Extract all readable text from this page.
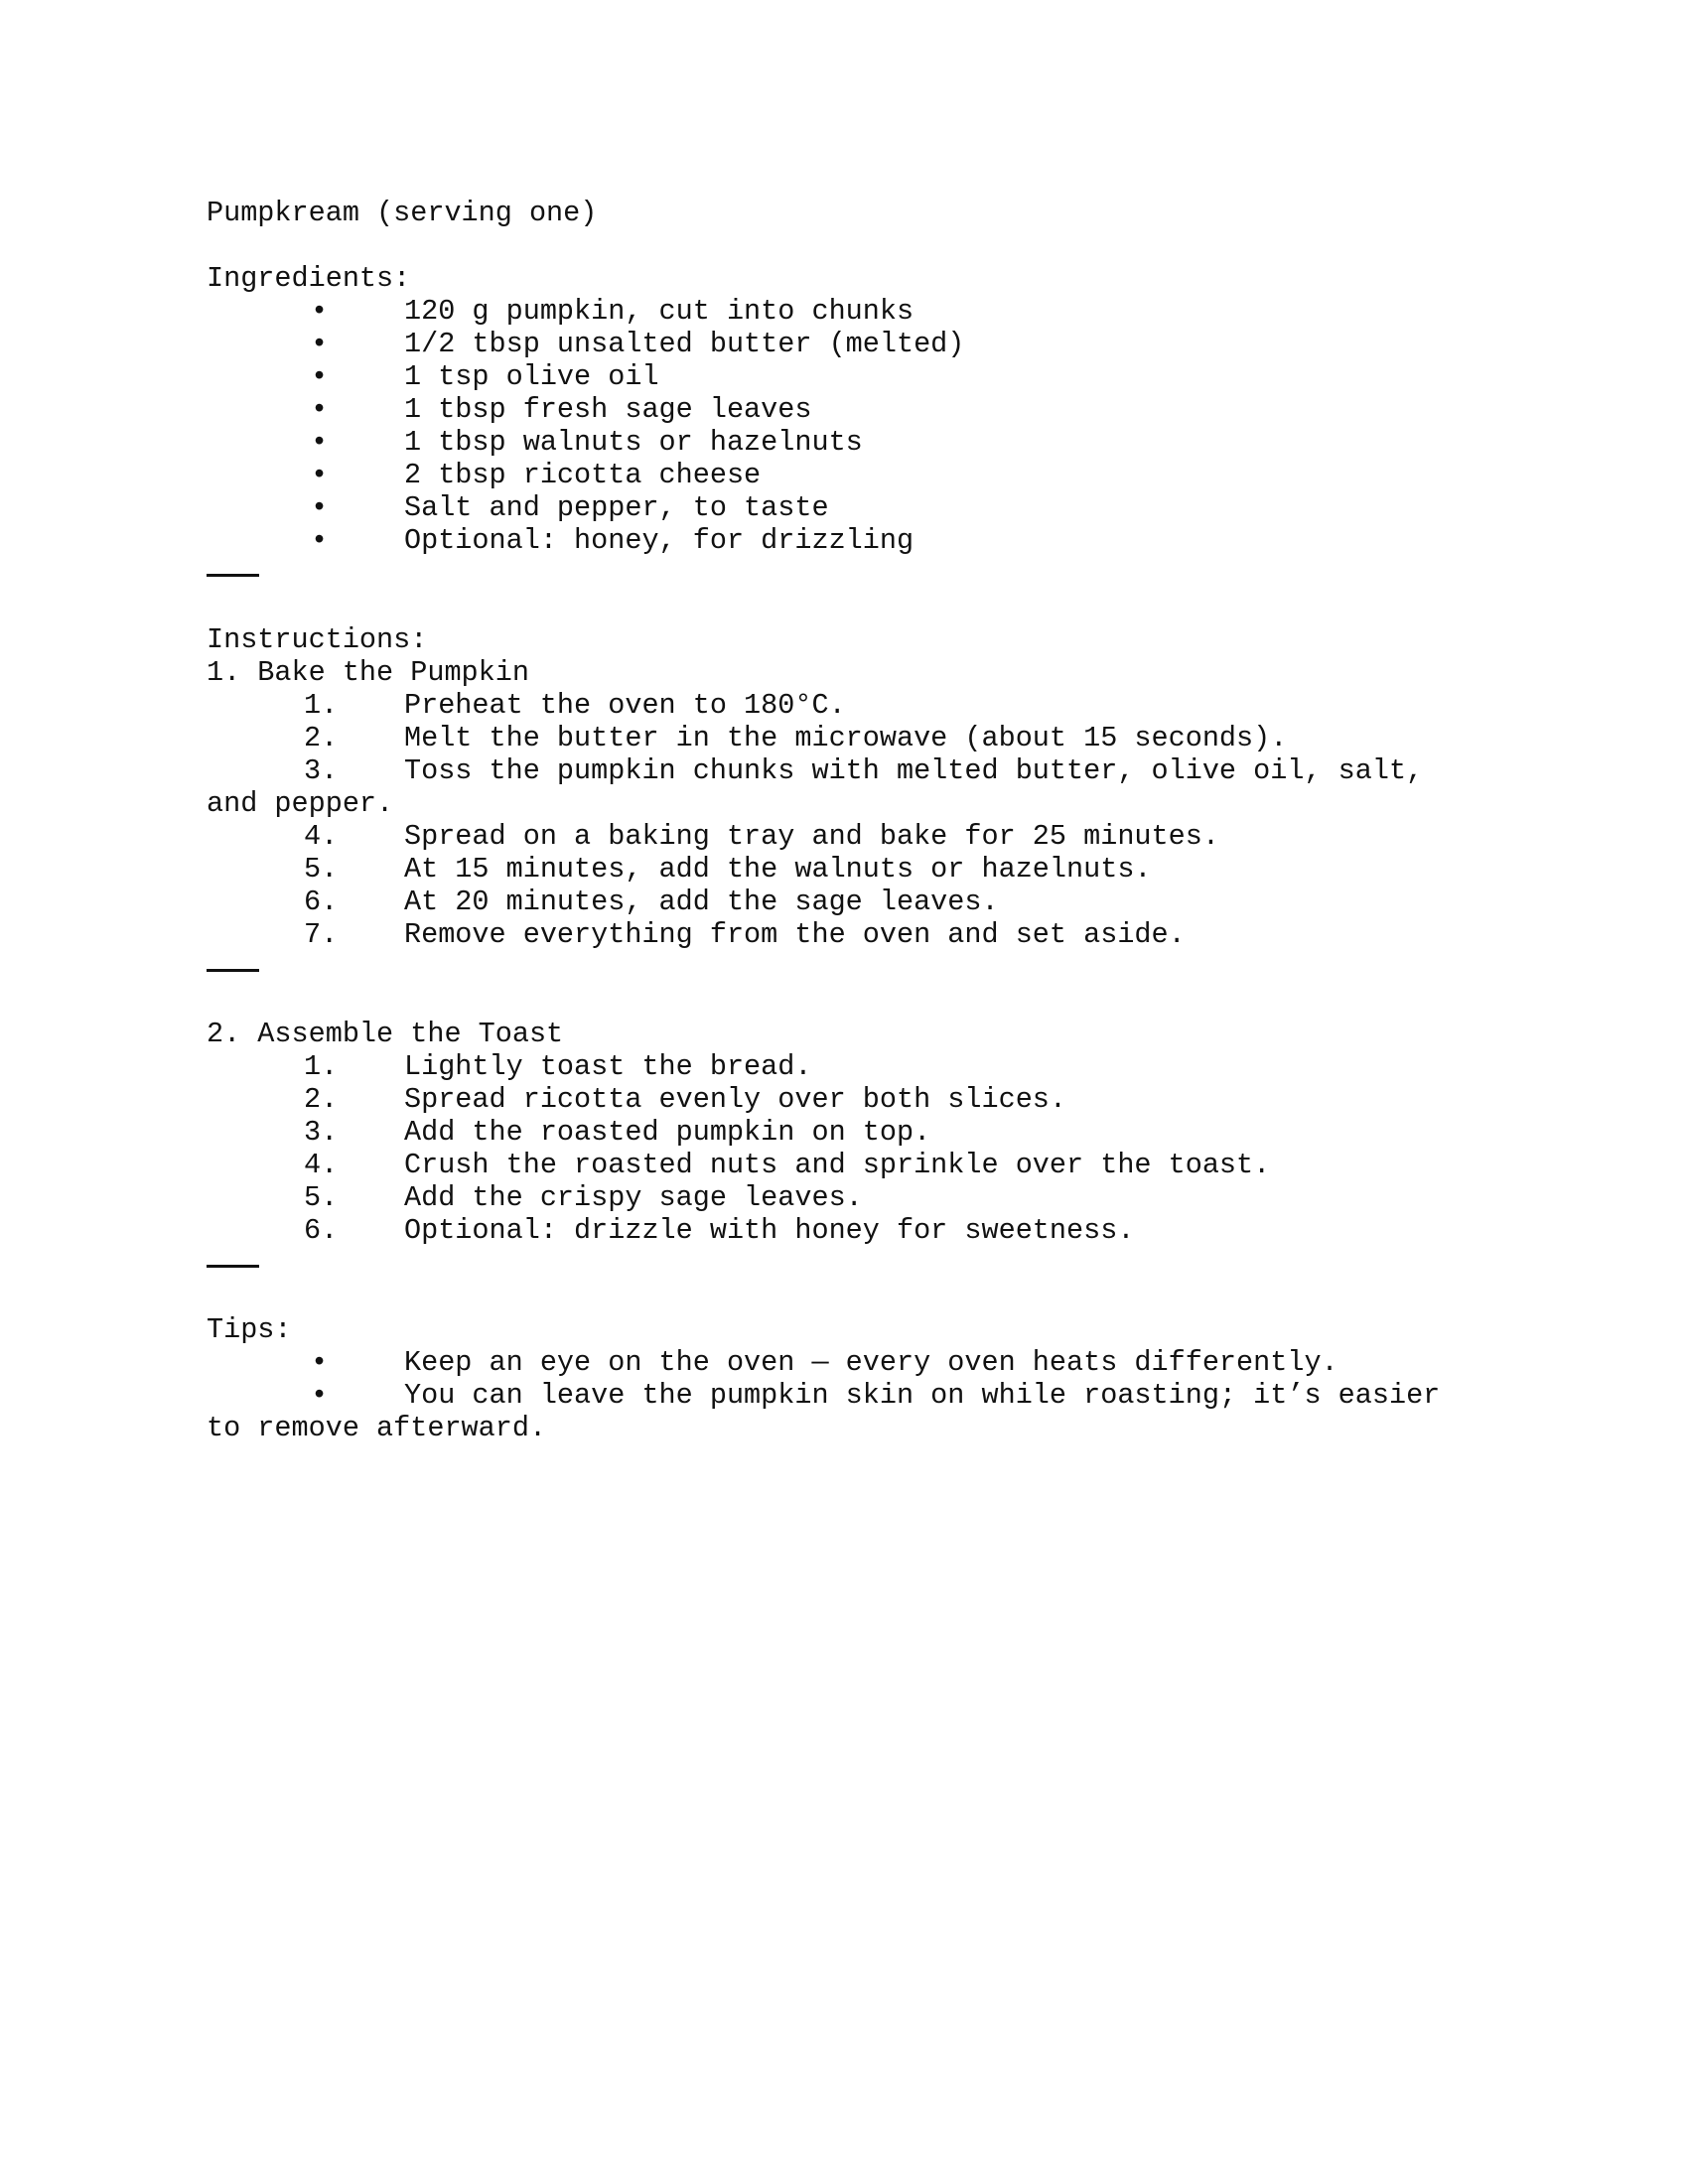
Pumpkream (serving one)
Ingredients:
•	120 g pumpkin, cut into chunks
•	1/2 tbsp unsalted butter (melted)
•	1 tsp olive oil
•	1 tbsp fresh sage leaves
•	1 tbsp walnuts or hazelnuts
•	2 tbsp ricotta cheese
•	Salt and pepper, to taste
•	Optional: honey, for drizzling
Instructions:
1. Bake the Pumpkin
1. Preheat the oven to 180°C.
2. Melt the butter in the microwave (about 15 seconds).
3. Toss the pumpkin chunks with melted butter, olive oil, salt,
and pepper.
4. Spread on a baking tray and bake for 25 minutes.
5. At 15 minutes, add the walnuts or hazelnuts.
6. At 20 minutes, add the sage leaves.
7. Remove everything from the oven and set aside.
2. Assemble the Toast
1. Lightly toast the bread.
2. Spread ricotta evenly over both slices.
3. Add the roasted pumpkin on top.
4. Crush the roasted nuts and sprinkle over the toast.
5. Add the crispy sage leaves.
6. Optional: drizzle with honey for sweetness.
Tips:
•	Keep an eye on the oven — every oven heats differently.
•	You can leave the pumpkin skin on while roasting; it’s easier
to remove afterward.
